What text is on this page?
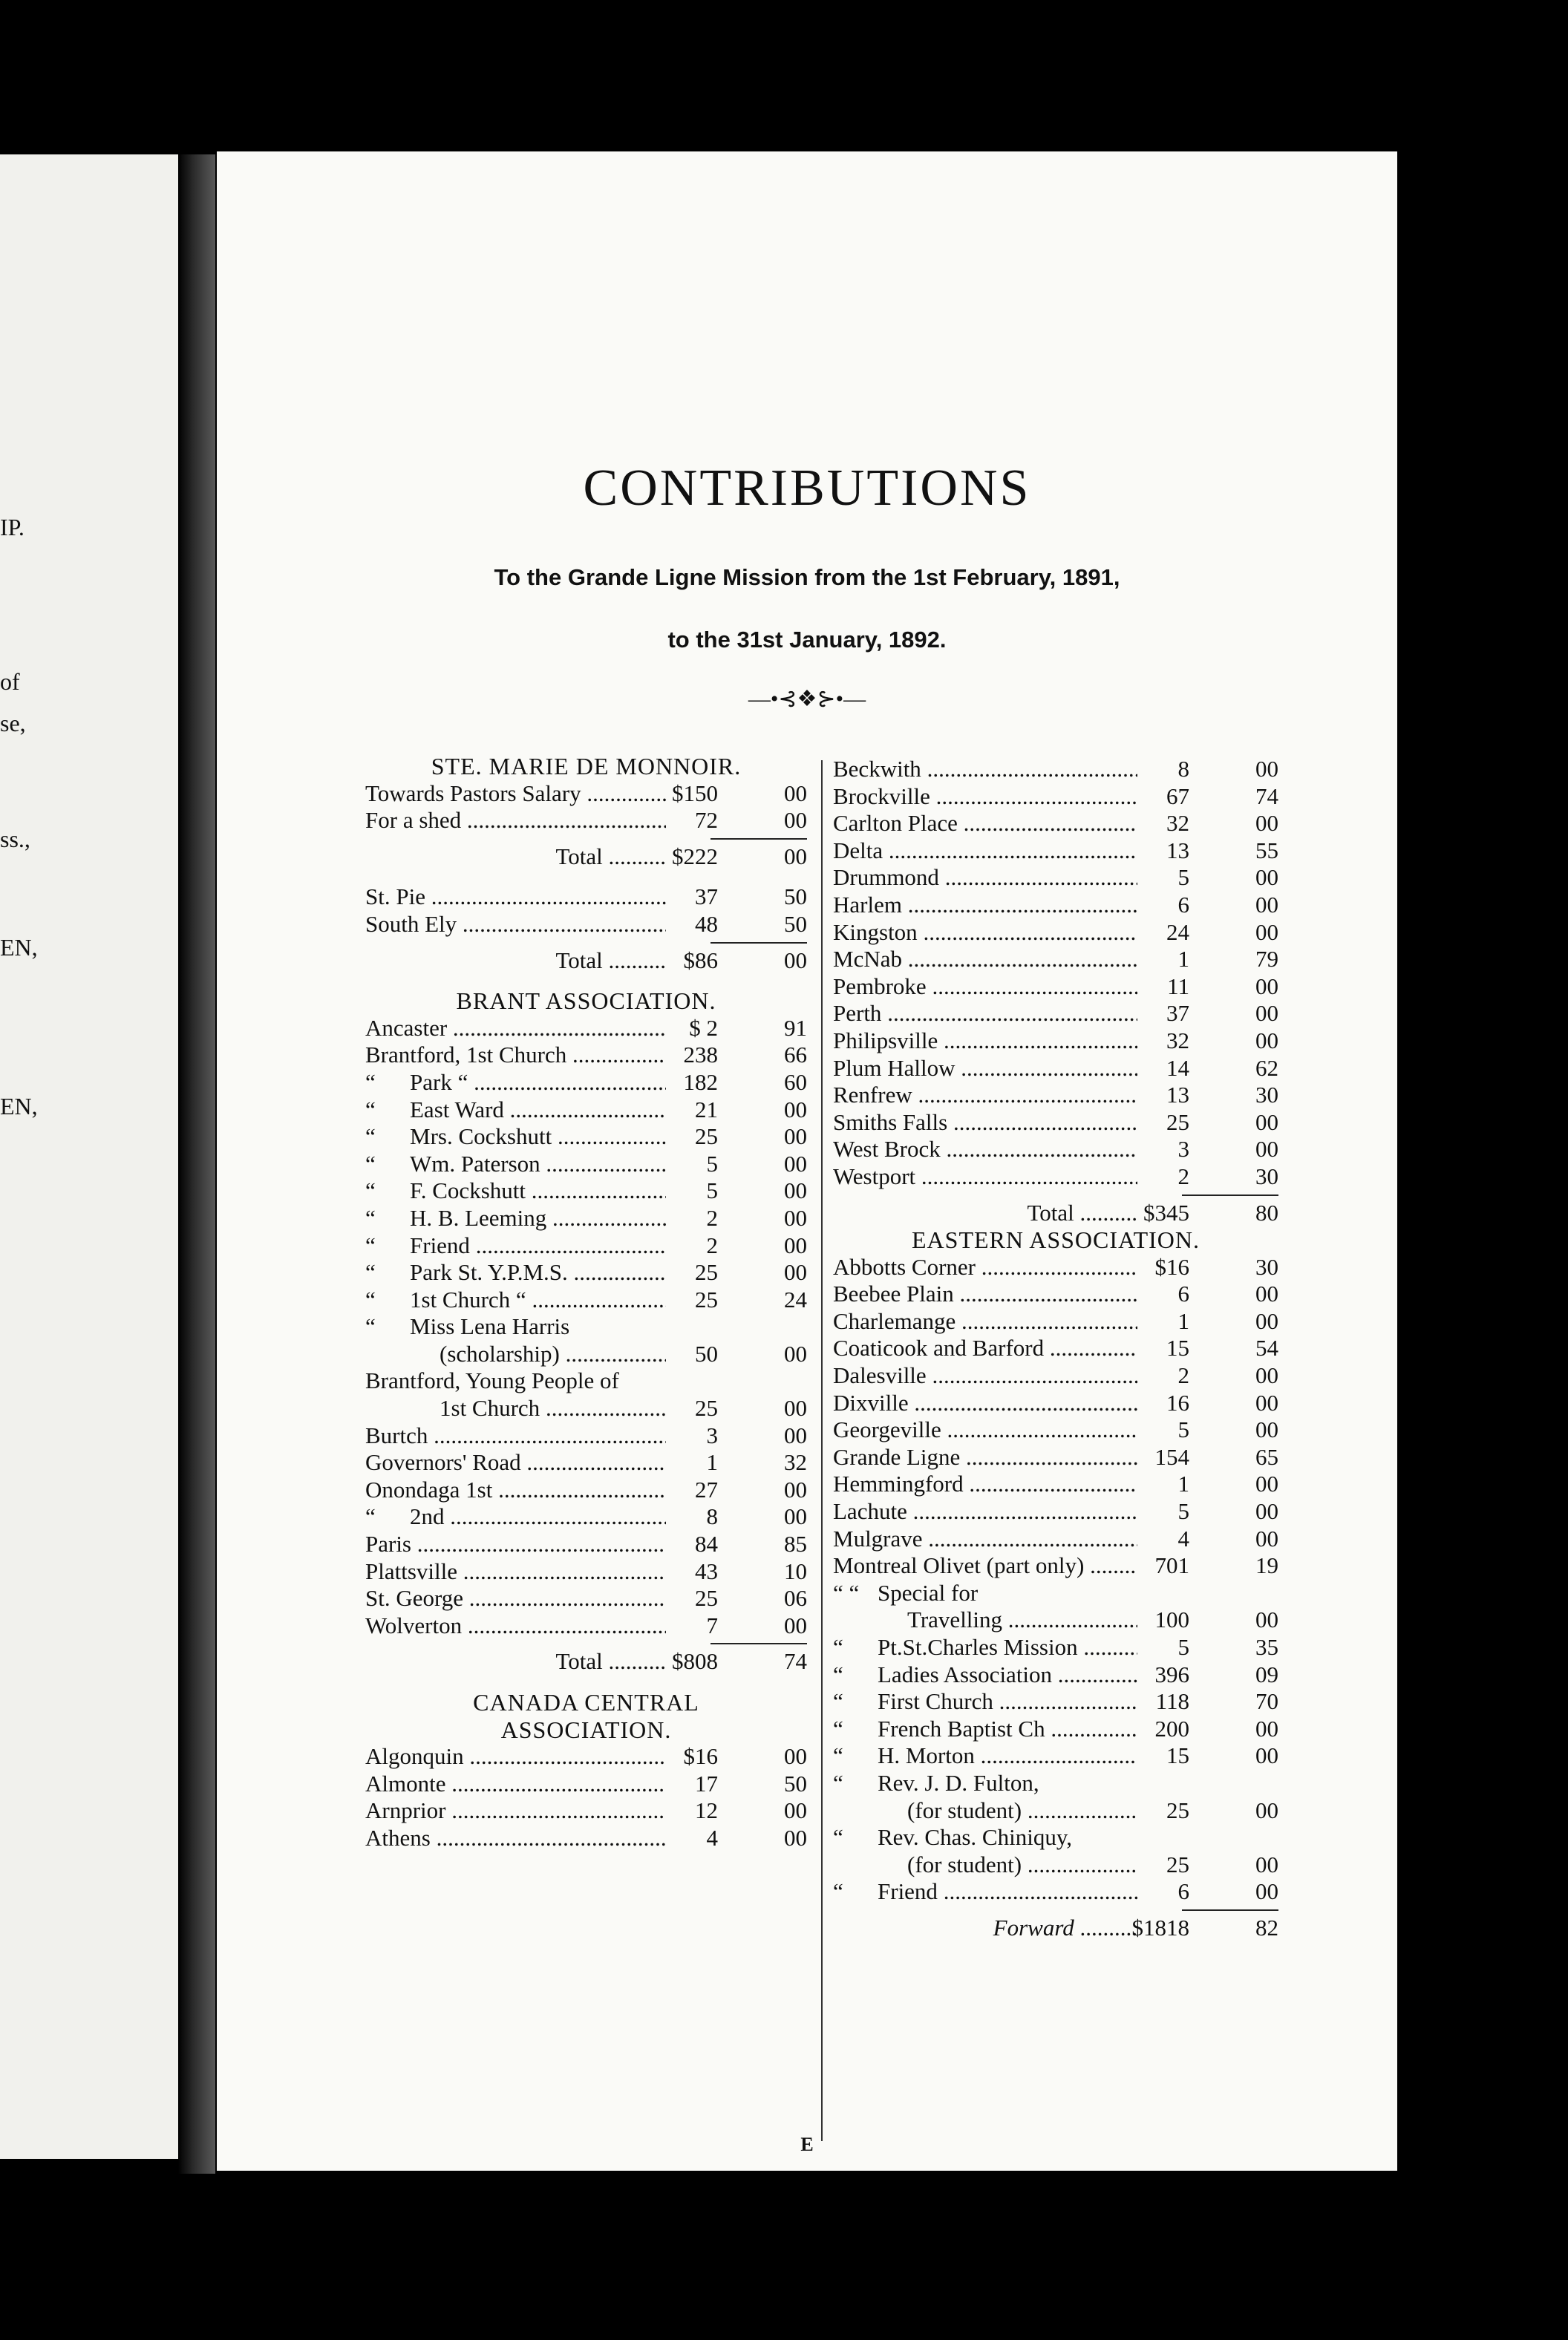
IP.
of
se,
ss.,
EN,
EN,
CONTRIBUTIONS
To the Grande Ligne Mission from the 1st February, 1891,
to the 31st January, 1892.
—•⊰❖⊱•—
STE. MARIE DE MONNOIR.
Towards Pastors Salary .....	$150	00
For a shed .....	72	00
Total .....	$222	00
St. Pie .....	37	50
South Ely .....	48	50
Total .....	$86	00
BRANT ASSOCIATION.
Ancaster .....	$ 2	91
Brantford, 1st Church .....	238	66
“ Park “ .....	182	60
“ East Ward .....	21	00
“ Mrs. Cockshutt .....	25	00
“ Wm. Paterson .....	5	00
“ F. Cockshutt .....	5	00
“ H. B. Leeming .....	2	00
“ Friend .....	2	00
“ Park St. Y.P.M.S. .....	25	00
“ 1st Church “ .....	25	24
“ Miss Lena Harris
(scholarship) .....	50	00
Brantford, Young People of
1st Church .....	25	00
Burtch .....	3	00
Governors' Road .....	1	32
Onondaga 1st .....	27	00
“ 2nd .....	8	00
Paris .....	84	85
Plattsville .....	43	10
St. George .....	25	06
Wolverton .....	7	00
Total .....	$808	74
CANADA CENTRAL
ASSOCIATION.
Algonquin .....	$16	00
Almonte .....	17	50
Arnprior .....	12	00
Athens .....	4	00
Beckwith .....	8	00
Brockville .....	67	74
Carlton Place .....	32	00
Delta .....	13	55
Drummond .....	5	00
Harlem .....	6	00
Kingston .....	24	00
McNab .....	1	79
Pembroke .....	11	00
Perth .....	37	00
Philipsville .....	32	00
Plum Hallow .....	14	62
Renfrew .....	13	30
Smiths Falls .....	25	00
West Brock .....	3	00
Westport .....	2	30
Total .....	$345	80
EASTERN ASSOCIATION.
Abbotts Corner .....	$16	30
Beebee Plain .....	6	00
Charlemange .....	1	00
Coaticook and Barford .....	15	54
Dalesville .....	2	00
Dixville .....	16	00
Georgeville .....	5	00
Grande Ligne .....	154	65
Hemmingford .....	1	00
Lachute .....	5	00
Mulgrave .....	4	00
Montreal Olivet (part only) .....	701	19
“ “ Special for
Travelling .....	100	00
“ Pt.St.Charles Mission .....	5	35
“ Ladies Association .....	396	09
“ First Church .....	118	70
“ French Baptist Ch .....	200	00
“ H. Morton .....	15	00
“ Rev. J. D. Fulton,
(for student) .....	25	00
“ Rev. Chas. Chiniquy,
(for student) .....	25	00
“ Friend .....	6	00
Forward .....	$1818	82
E
